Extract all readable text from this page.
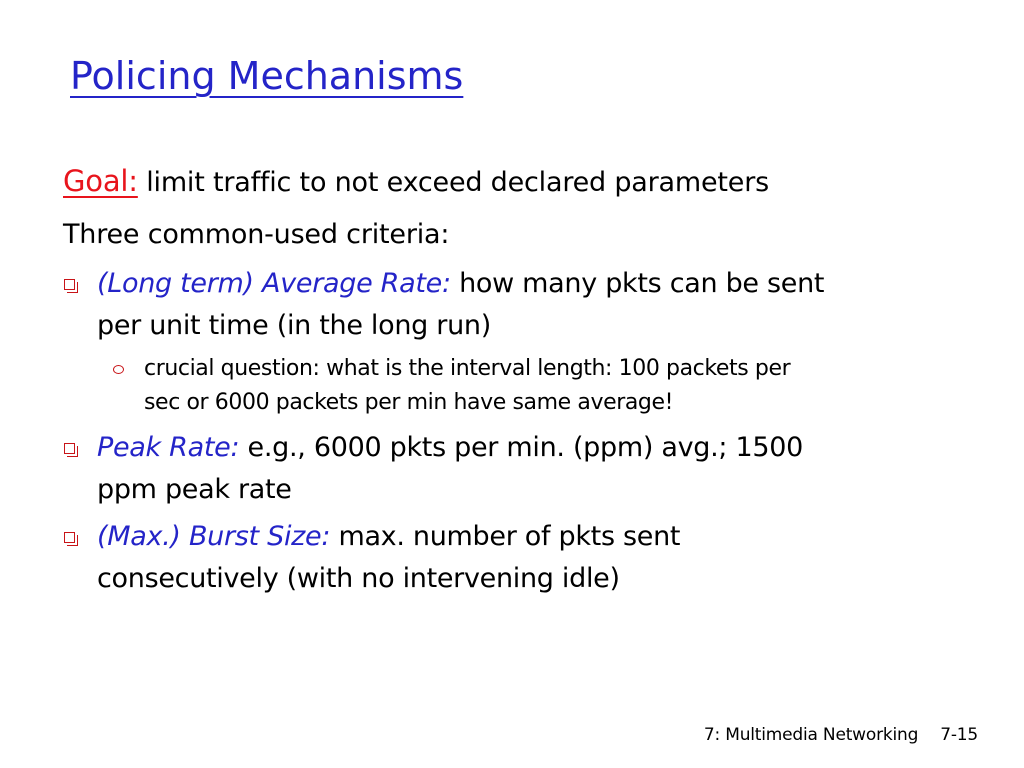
Policing Mechanisms
Goal: limit traffic to not exceed declared parameters
Three common-used criteria:
(Long term) Average Rate: how many pkts can be sent
per unit time (in the long run)
crucial question: what is the interval length: 100 packets per
sec or 6000 packets per min have same average!
Peak Rate: e.g., 6000 pkts per min. (ppm) avg.; 1500
ppm peak rate
(Max.) Burst Size: max. number of pkts sent
consecutively (with no intervening idle)
7: Multimedia Networking 7-15
